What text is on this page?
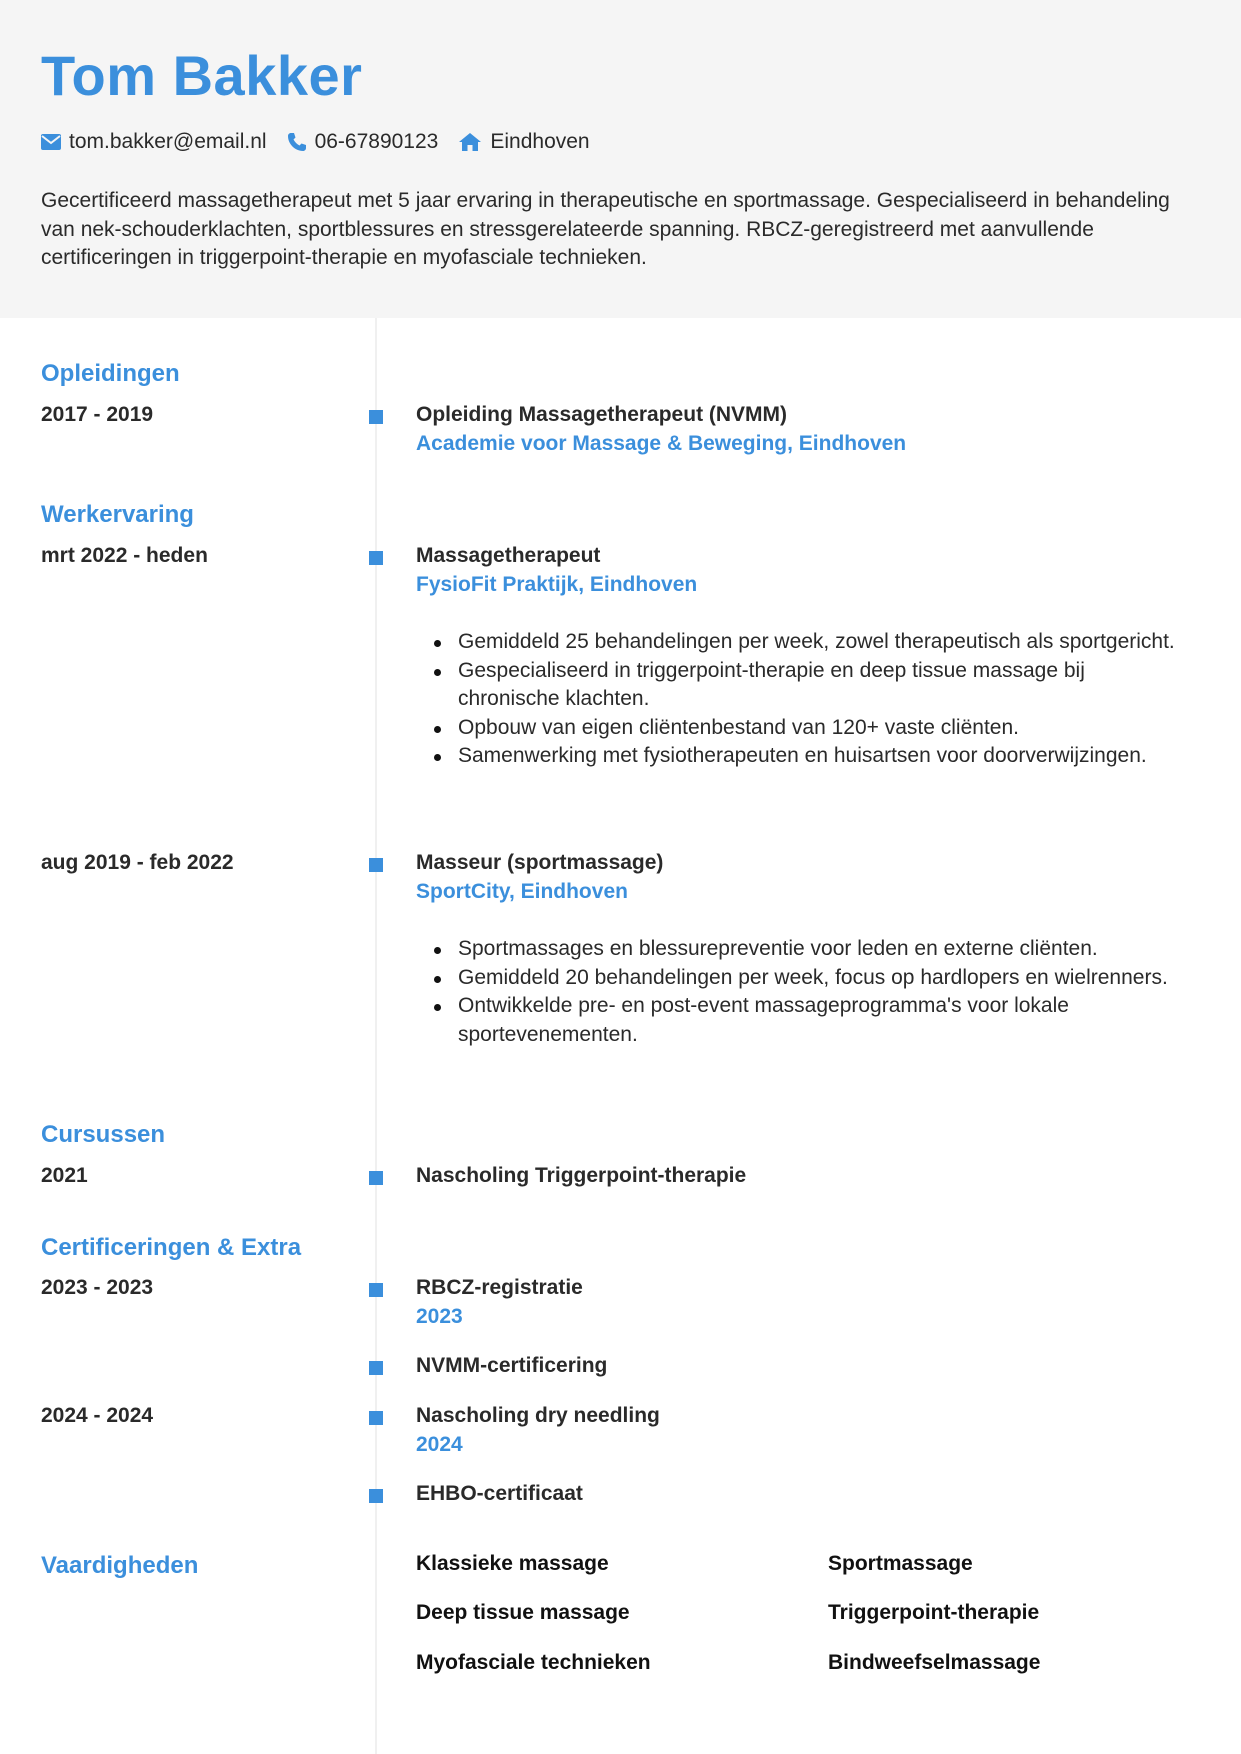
Tom Bakker
tom.bakker@email.nl 06-67890123 Eindhoven
Gecertificeerd massagetherapeut met 5 jaar ervaring in therapeutische en sportmassage. Gespecialiseerd in behandeling van nek-schouderklachten, sportblessures en stressgerelateerde spanning. RBCZ-geregistreerd met aanvullende certificeringen in triggerpoint-therapie en myofasciale technieken.
Opleidingen
2017 - 2019	Opleiding Massagetherapeut (NVMM)
Academie voor Massage & Beweging, Eindhoven
Werkervaring
mrt 2022 - heden	Massagetherapeut
FysioFit Praktijk, Eindhoven
Gemiddeld 25 behandelingen per week, zowel therapeutisch als sportgericht.
Gespecialiseerd in triggerpoint-therapie en deep tissue massage bij chronische klachten.
Opbouw van eigen cliëntenbestand van 120+ vaste cliënten.
Samenwerking met fysiotherapeuten en huisartsen voor doorverwijzingen.
aug 2019 - feb 2022	Masseur (sportmassage)
SportCity, Eindhoven
Sportmassages en blessurepreventie voor leden en externe cliënten.
Gemiddeld 20 behandelingen per week, focus op hardlopers en wielrenners.
Ontwikkelde pre- en post-event massageprogramma's voor lokale sportevenementen.
Cursussen
2021	Nascholing Triggerpoint-therapie
Certificeringen & Extra
2023 - 2023	RBCZ-registratie
2023
NVMM-certificering
2024 - 2024	Nascholing dry needling
2024
EHBO-certificaat
Vaardigheden	Klassieke massage	Sportmassage
Deep tissue massage	Triggerpoint-therapie
Myofasciale technieken	Bindweefselmassage
